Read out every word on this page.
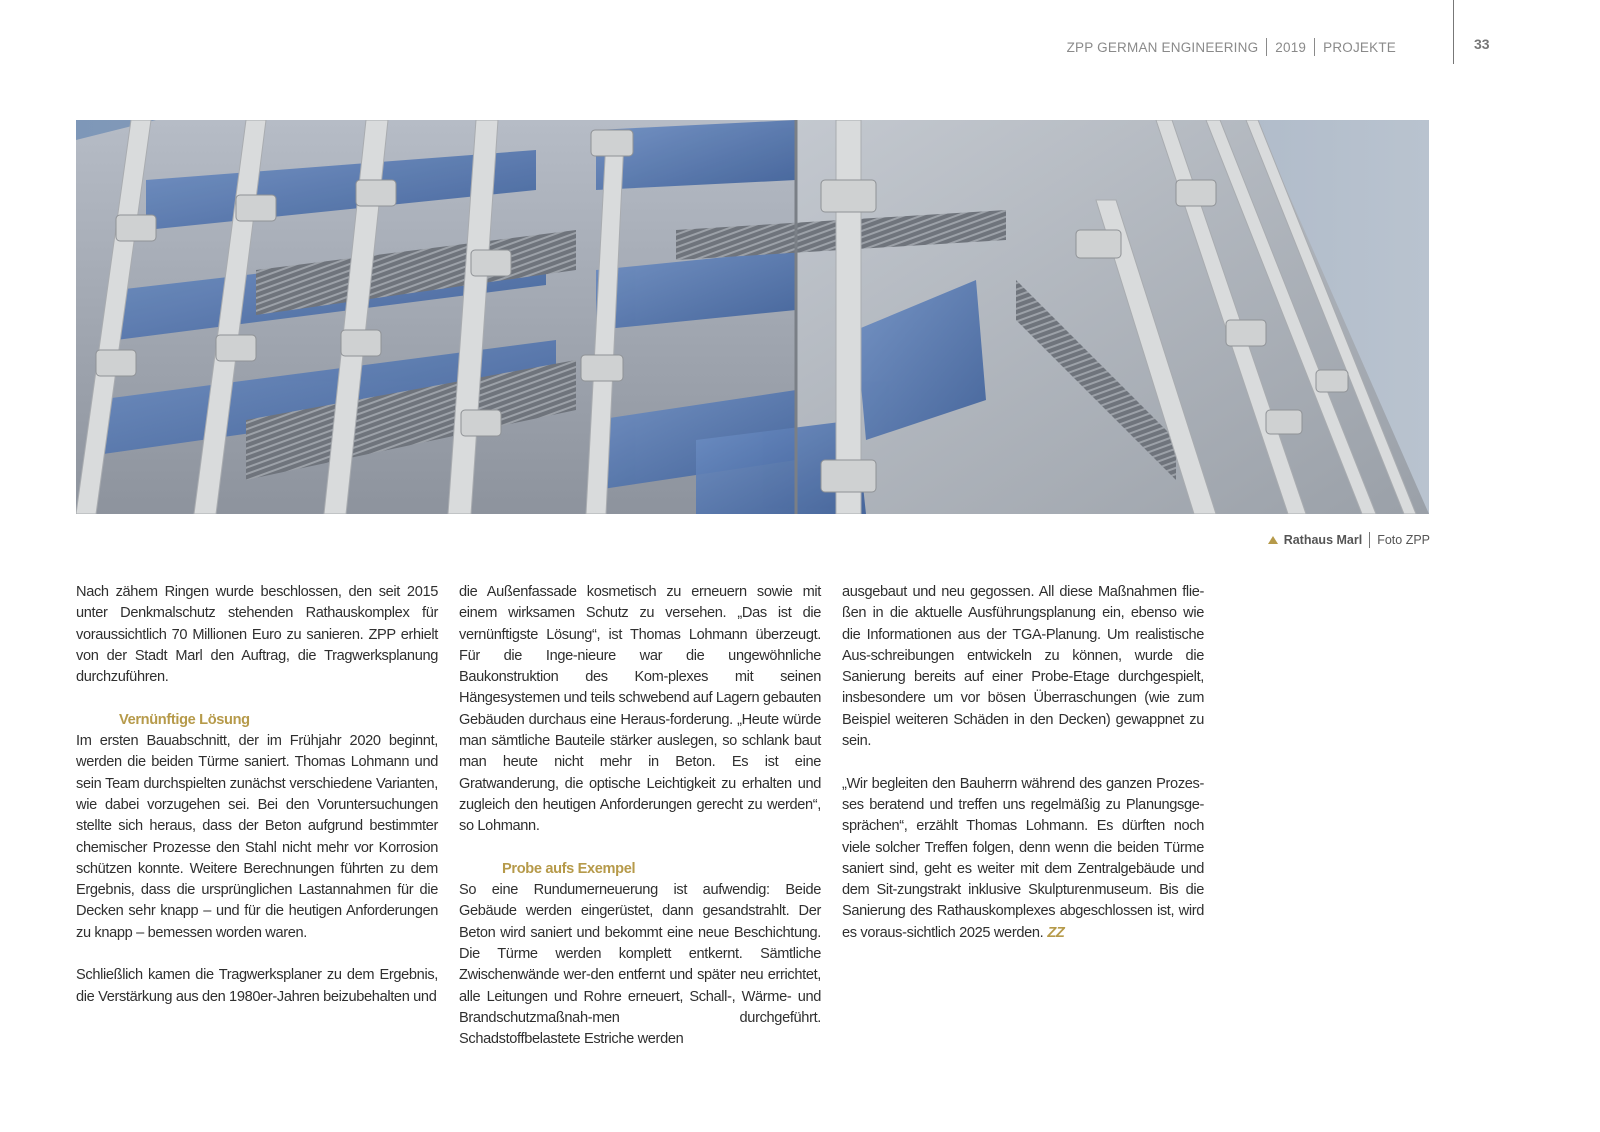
ZPP GERMAN ENGINEERING 2019 PROJEKTE	33
Rathaus Marl Foto ZPP

Nach zähem Ringen wurde beschlossen, den seit 2015 unter Denkmalschutz stehenden Rathauskomplex für voraussichtlich 70 Millionen Euro zu sanieren. ZPP erhielt von der Stadt Marl den Auftrag, die Tragwerksplanung durchzuführen.

Vernünftige Lösung

Im ersten Bauabschnitt, der im Frühjahr 2020 beginnt, werden die beiden Türme saniert. Thomas Lohmann und sein Team durchspielten zunächst verschiedene Varianten, wie dabei vorzugehen sei. Bei den Voruntersuchungen stellte sich heraus, dass der Beton aufgrund bestimmter chemischer Prozesse den Stahl nicht mehr vor Korrosion schützen konnte. Weitere Berechnungen führten zu dem Ergebnis, dass die ursprünglichen Lastannahmen für die Decken sehr knapp – und für die heutigen Anforderungen zu knapp – bemessen worden waren.

Schließlich kamen die Tragwerksplaner zu dem Ergebnis, die Verstärkung aus den 1980er-Jahren beizubehalten und

die Außenfassade kosmetisch zu erneuern sowie mit einem wirksamen Schutz zu versehen. „Das ist die vernünftigste Lösung“, ist Thomas Lohmann überzeugt. Für die Inge-nieure war die ungewöhnliche Baukonstruktion des Kom-plexes mit seinen Hängesystemen und teils schwebend auf Lagern gebauten Gebäuden durchaus eine Heraus-forderung. „Heute würde man sämtliche Bauteile stärker auslegen, so schlank baut man heute nicht mehr in Beton. Es ist eine Gratwanderung, die optische Leichtigkeit zu erhalten und zugleich den heutigen Anforderungen gerecht zu werden“, so Lohmann.

Probe aufs Exempel

So eine Rundumerneuerung ist aufwendig: Beide Gebäude werden eingerüstet, dann gesandstrahlt. Der Beton wird saniert und bekommt eine neue Beschichtung. Die Türme werden komplett entkernt. Sämtliche Zwischenwände wer-den entfernt und später neu errichtet, alle Leitungen und Rohre erneuert, Schall-, Wärme- und Brandschutzmaßnah-men durchgeführt. Schadstoffbelastete Estriche werden

ausgebaut und neu gegossen. All diese Maßnahmen flie-ßen in die aktuelle Ausführungsplanung ein, ebenso wie die Informationen aus der TGA-Planung. Um realistische Aus-schreibungen entwickeln zu können, wurde die Sanierung bereits auf einer Probe-Etage durchgespielt, insbesondere um vor bösen Überraschungen (wie zum Beispiel weiteren Schäden in den Decken) gewappnet zu sein.

„Wir begleiten den Bauherrn während des ganzen Prozes-ses beratend und treffen uns regelmäßig zu Planungsge-sprächen“, erzählt Thomas Lohmann. Es dürften noch viele solcher Treffen folgen, denn wenn die beiden Türme saniert sind, geht es weiter mit dem Zentralgebäude und dem Sit-zungstrakt inklusive Skulpturenmuseum. Bis die Sanierung des Rathauskomplexes abgeschlossen ist, wird es voraus-sichtlich 2025 werden. ZZ
